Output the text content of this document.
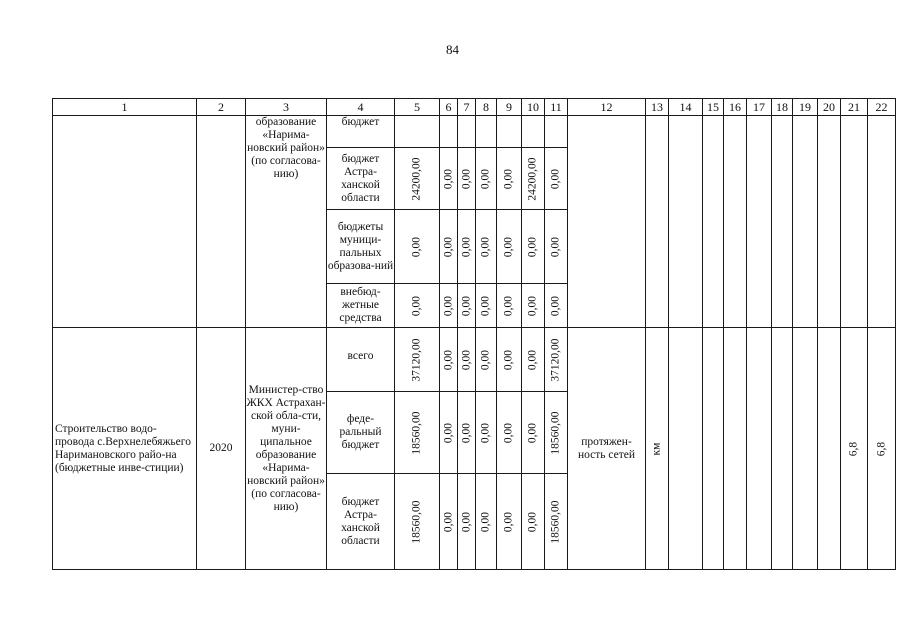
84
1	2	3	4	5	6	7	8	9	10	11	12	13	14	15	16	17	18	19	20	21	22
		образование «Нарима-новский район» (по согласова-нию)	бюджет																		
			бюджет Астра-ханской области	24200,00	0,00	0,00	0,00	0,00	24200,00	0,00											

			бюджеты муници-пальных образова-ний	0,00	0,00	0,00	0,00	0,00	0,00	0,00											

			внебюд-жетные средства	0,00	0,00	0,00	0,00	0,00	0,00	0,00											

Строительство водо-провода с.Верхнелебяжьего Наримановского райо-на (бюджетные инве-стиции)	2020	Министер-ство ЖКХ Астрахан-ской обла-сти, муни-ципальное образование «Нарима-новский район» (по согласова-нию)	всего	37120,00	0,00	0,00	0,00	0,00	0,00	37120,00	протяжен-ность сетей	км								6,8	6,8

			феде-ральный бюджет	18560,00	0,00	0,00	0,00	0,00	0,00	18560,00											

			бюджет Астра-ханской области	18560,00	0,00	0,00	0,00	0,00	0,00	18560,00											
